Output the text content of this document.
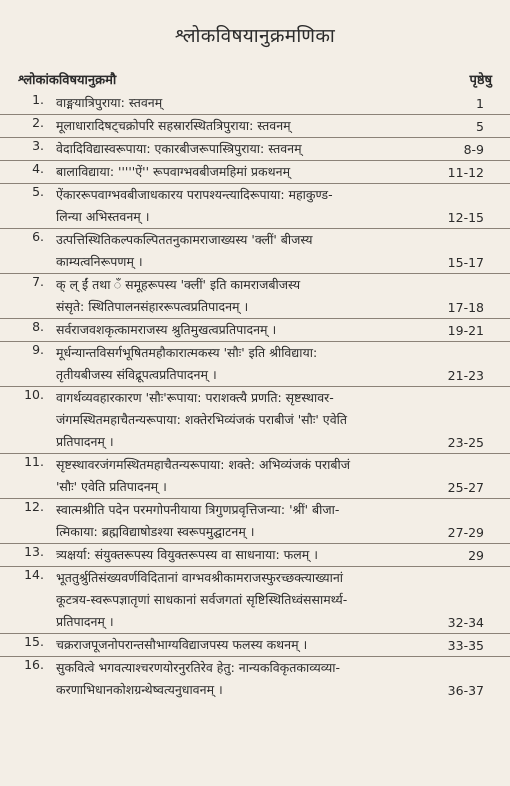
श्लोकविषयानुक्रमणिका
श्लोकांकविषयानुक्रमौ	पृष्ठेषु
1. वाङ्मयात्रिपुराया: स्तवनम्	1
2. मूलाधारादिषट्चक्रोपरि सहस्रारस्थितत्रिपुराया: स्तवनम्	5
3. वेदादिविद्यास्वरूपाया: एकारबीजरूपास्त्रिपुराया: स्तवनम्	8-9
4. बालाविद्याया: '''''ऐं'' रूपवाग्भवबीजमहिमां प्रकथनम्	11-12
5. ऐंकाररूपवाग्भवबीजाधकारय परापश्यन्त्यादिरूपाया: महाकुण्ड-
लिन्या अभिस्तवनम् ।	12-15
6. उत्पत्तिस्थितिकल्पकल्पिततनुकामराजाख्यस्य 'क्लीं' बीजस्य
काम्यत्वनिरूपणम् ।	15-17
7. क् ल् ईं तथा ँ समूहरूपस्य 'क्लीं' इति कामराजबीजस्य
संसृते: स्थितिपालनसंहाररूपत्वप्रतिपादनम् ।	17-18
8. सर्वराजवशकृत्कामराजस्य श्रुतिमुखत्वप्रतिपादनम् ।	19-21
9. मूर्धन्यान्तविसर्गभूषितमहौकारात्मकस्य 'सौः' इति श्रीविद्याया:
तृतीयबीजस्य संविद्रूपत्वप्रतिपादनम् ।	21-23
10. वागर्थव्यवहारकारण 'सौः'रूपाया: पराशक्त्यै प्रणति: सृष्टस्थावर-
जंगमस्थितमहाचैतन्यरूपाया: शक्तेरभिव्यंजकं पराबीजं 'सौः' एवेति
प्रतिपादनम् ।	23-25
11. सृष्टस्थावरजंगमस्थितमहाचैतन्यरूपाया: शक्ते: अभिव्यंजकं पराबीजं
'सौः' एवेति प्रतिपादनम् ।	25-27
12. स्वात्मश्रीति पदेन परमगोपनीयाया त्रिगुणप्रवृत्तिजन्या: 'श्रीं' बीजा-
त्मिकाया: ब्रह्मविद्याषोडश्या स्वरूपमुद्घाटनम् ।	27-29
13. त्र्यक्षर्या: संयुक्तरूपस्य वियुक्तरूपस्य वा साधनाया: फलम् ।	29
14. भूततुर्श्रुतिसंख्यवर्णविदितानां वाग्भवश्रीकामराजस्फुरच्छक्त्याख्यानां
कूटत्रय-स्वरूपज्ञातृणां साधकानां सर्वजगतां सृष्टिस्थितिध्वंससामर्थ्य-
प्रतिपादनम् ।	32-34
15. चक्रराजपूजनोपरान्तसौभाग्यविद्याजपस्य फलस्य कथनम् ।	33-35
16. सुकवित्वे भगवत्याश्चरणयोरनुरतिरेव हेतु: नान्यकविकृतकाव्यव्या-
करणाभिधानकोशग्रन्थेष्वत्यनुधावनम् ।	36-37
